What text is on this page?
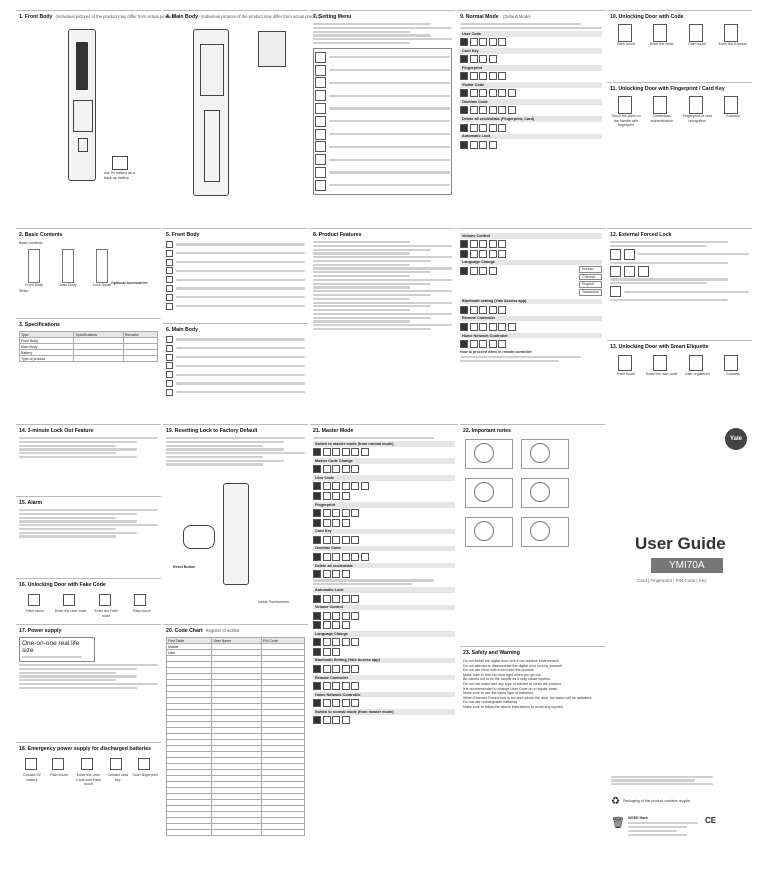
1. Front Body (Individual pictures of the product may differ from actual product)
use 9V battery as a back-up battery
2. Basic Contents
Basic contents
Front Body	Main Body	Lock Guide
Strike
Optional Accessories
3. Specifications
Type	Specifications	Remarks
Front Body		
Main Body		
Battery		
Type of product		
4. Main Body (Individual pictures of the product may differ from actual product)
5. Front Body
6. Main Body
7. Setting Menu
8. Product Features
9. Normal Mode (Default Mode)
User Code
Card Key
Fingerprint
Visitor Code
Onetime Code
Delete all credentials (Fingerprint, Card)
Automatic Lock
Volume Control
Language Change
Korean
Chinese
English
Taiwanese
Bluetooth setting (Yale Access app)
Remote Controller
Home Network Controller
How to proceed when in remote controller
10. Unlocking Door with Code
Palm touch	Enter the code	Palm touch	Enter the # button
11. Unlocking Door with Fingerprint / Card Key
Touch the palm on the handle with fingerprint
Credentials authentication
Fingerprint or card recognition
Success
12. External Forced Lock
13. Unlocking Door with Smart Eliquette
Palm touch	Enter the user code	User registered	Success
14. 3-minute Lock Out Feature
15. Alarm
16. Unlocking Door with Fake Code
Palm touch	Enter the user code	Enter the Fake code
Palm touch
17. Power supply
One-on-one real life size
18. Emergency power supply for discharged batteries
Contact 9V battery
Palm touch	Enter the User Code and Palm touch
Contact card key
Scan fingerprint
19. Resetting Lock to Factory Default
Reset Button
Inside Touchscreen
20. Code Chart Register Checklist
First Table	User Name	PIN Code
Master		
User		

21. Master Mode
Switch to master mode (from normal mode)
Master Code Change
User Code
Fingerprint
Card Key
Onetime Code
Delete all credentials
Automatic Lock
Volume Control
Language Change
Bluetooth Setting (Yale Access app)
Remote Controller
Home Network Controller
Switch to normal mode (from master mode)
22. Important notes

23. Safety and Warning
Do not install the digital door lock in an outdoor environment.
Do not attempt to disassemble the digital door lock by yourself.
Do not use force with a tool onto the product.
Make sure to lock the door tight when you go out.
Be careful not to fix the handle as it may cause injuries.
Do not use water and any type of solvent to clean the product.
It is recommended to change User Code on a regular basis.
Make sure to use the same type of batteries.
When External Forced lock is set and unlock the door, the alarm will be activated.
Do not use rechargeable batteries.
Make sure to follow the above instructions to avoid any injuries.
Yale
User Guide
YMI70A
Card | Fingerprint | PIN Code | Key
♻ Packaging of this product contains recycle.
🗑 WEEE Mark	CE
